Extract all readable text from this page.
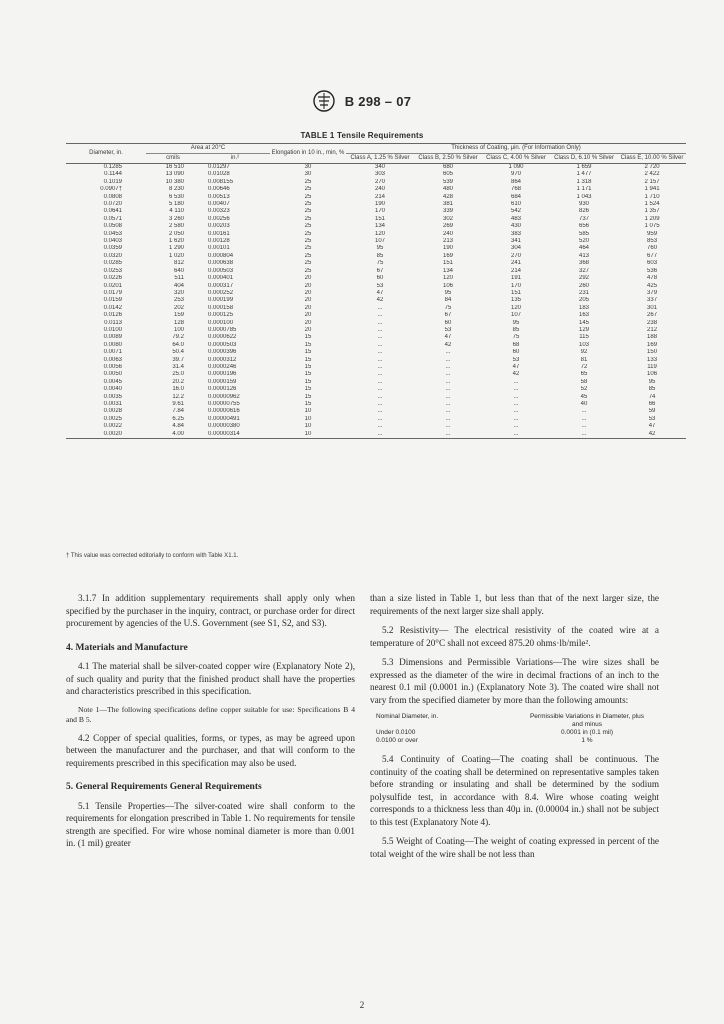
B 298 – 07
TABLE 1 Tensile Requirements
Diameter, in.	Area at 20°C		Elongation in 10 in., min, %	Thickness of Coating, µin. (For Information Only)				
	cmils	in.²		Class A, 1.25 % Silver	Class B, 2.50 % Silver	Class C, 4.00 % Silver	Class D, 6.10 % Silver	Class E, 10.00 % Silver
0.1285	16 510	0.01297	30	340	680	1 090	1 659	2 720
0.1144	13 090	0.01028	30	303	605	970	1 477	2 422
0.1019	10 380	0.008155	25	270	539	864	1 318	2 157
0.0907†	8 230	0.00646	25	240	480	768	1 171	1 941
0.0808	6 530	0.00513	25	214	428	684	1 043	1 710
0.0720	5 180	0.00407	25	190	381	610	930	1 524
0.0641	4 110	0.00323	25	170	339	542	826	1 357
0.0571	3 260	0.00256	25	151	302	483	737	1 209
0.0508	2 580	0.00203	25	134	269	430	656	1 075
0.0453	2 050	0.00161	25	120	240	383	585	959
0.0403	1 620	0.00128	25	107	213	341	520	853
0.0359	1 290	0.00101	25	95	190	304	464	760
0.0320	1 020	0.000804	25	85	169	270	413	677
0.0285	812	0.000638	25	75	151	241	368	603
0.0253	640	0.000503	25	67	134	214	327	536
0.0226	511	0.000401	20	60	120	191	292	478
0.0201	404	0.000317	20	53	106	170	260	425
0.0179	320	0.000252	20	47	95	151	231	379
0.0159	253	0.000199	20	42	84	135	205	337
0.0142	202	0.000158	20	...	75	120	183	301
0.0126	159	0.000125	20	...	67	107	163	267
0.0113	128	0.000100	20	...	60	95	145	238
0.0100	100	0.0000785	20	...	53	85	129	212
0.0089	79.2	0.0000622	15	...	47	75	115	188
0.0080	64.0	0.0000503	15	...	42	68	103	169
0.0071	50.4	0.0000396	15	...	...	60	92	150
0.0063	39.7	0.0000312	15	...	...	53	81	133
0.0056	31.4	0.0000246	15	...	...	47	72	119
0.0050	25.0	0.0000196	15	...	...	42	65	106
0.0045	20.2	0.0000159	15	...	...	...	58	95
0.0040	16.0	0.0000126	15	...	...	...	52	85
0.0035	12.2	0.00000962	15	...	...	...	45	74
0.0031	9.61	0.00000755	15	...	...	...	40	66
0.0028	7.84	0.00000616	10	...	...	...	...	59
0.0025	6.25	0.00000491	10	...	...	...	...	53
0.0022	4.84	0.00000380	10	...	...	...	...	47
0.0020	4.00	0.00000314	10	...	...	...	...	42
† This value was corrected editorially to conform with Table X1.1.

3.1.7 In addition supplementary requirements shall apply only when specified by the purchaser in the inquiry, contract, or purchase order for direct procurement by agencies of the U.S. Government (see S1, S2, and S3).

4. Materials and Manufacture

4.1 The material shall be silver-coated copper wire (Explanatory Note 2), of such quality and purity that the finished product shall have the properties and characteristics prescribed in this specification.

Note 1—The following specifications define copper suitable for use: Specifications B 4 and B 5.

4.2 Copper of special qualities, forms, or types, as may be agreed upon between the manufacturer and the purchaser, and that will conform to the requirements prescribed in this specification may also be used.

5. General Requirements General Requirements

5.1 Tensile Properties—The silver-coated wire shall conform to the requirements for elongation prescribed in Table 1. No requirements for tensile strength are specified. For wire whose nominal diameter is more than 0.001 in. (1 mil) greater

than a size listed in Table 1, but less than that of the next larger size, the requirements of the next larger size shall apply.

5.2 Resistivity— The electrical resistivity of the coated wire at a temperature of 20°C shall not exceed 875.20 ohms·lb/mile².

5.3 Dimensions and Permissible Variations—The wire sizes shall be expressed as the diameter of the wire in decimal fractions of an inch to the nearest 0.1 mil (0.0001 in.) (Explanatory Note 3). The coated wire shall not vary from the specified diameter by more than the following amounts:

Nominal Diameter, in.	Permissible Variations in Diameter, plus and minus
Under 0.0100	0.0001 in (0.1 mil)
0.0100 or over	1 %

5.4 Continuity of Coating—The coating shall be continuous. The continuity of the coating shall be determined on representative samples taken before stranding or insulating and shall be determined by the sodium polysulfide test, in accordance with 8.4. Wire whose coating weight corresponds to a thickness less than 40µ in. (0.00004 in.) shall not be subject to this test (Explanatory Note 4).

5.5 Weight of Coating—The weight of coating expressed in percent of the total weight of the wire shall be not less than

2
